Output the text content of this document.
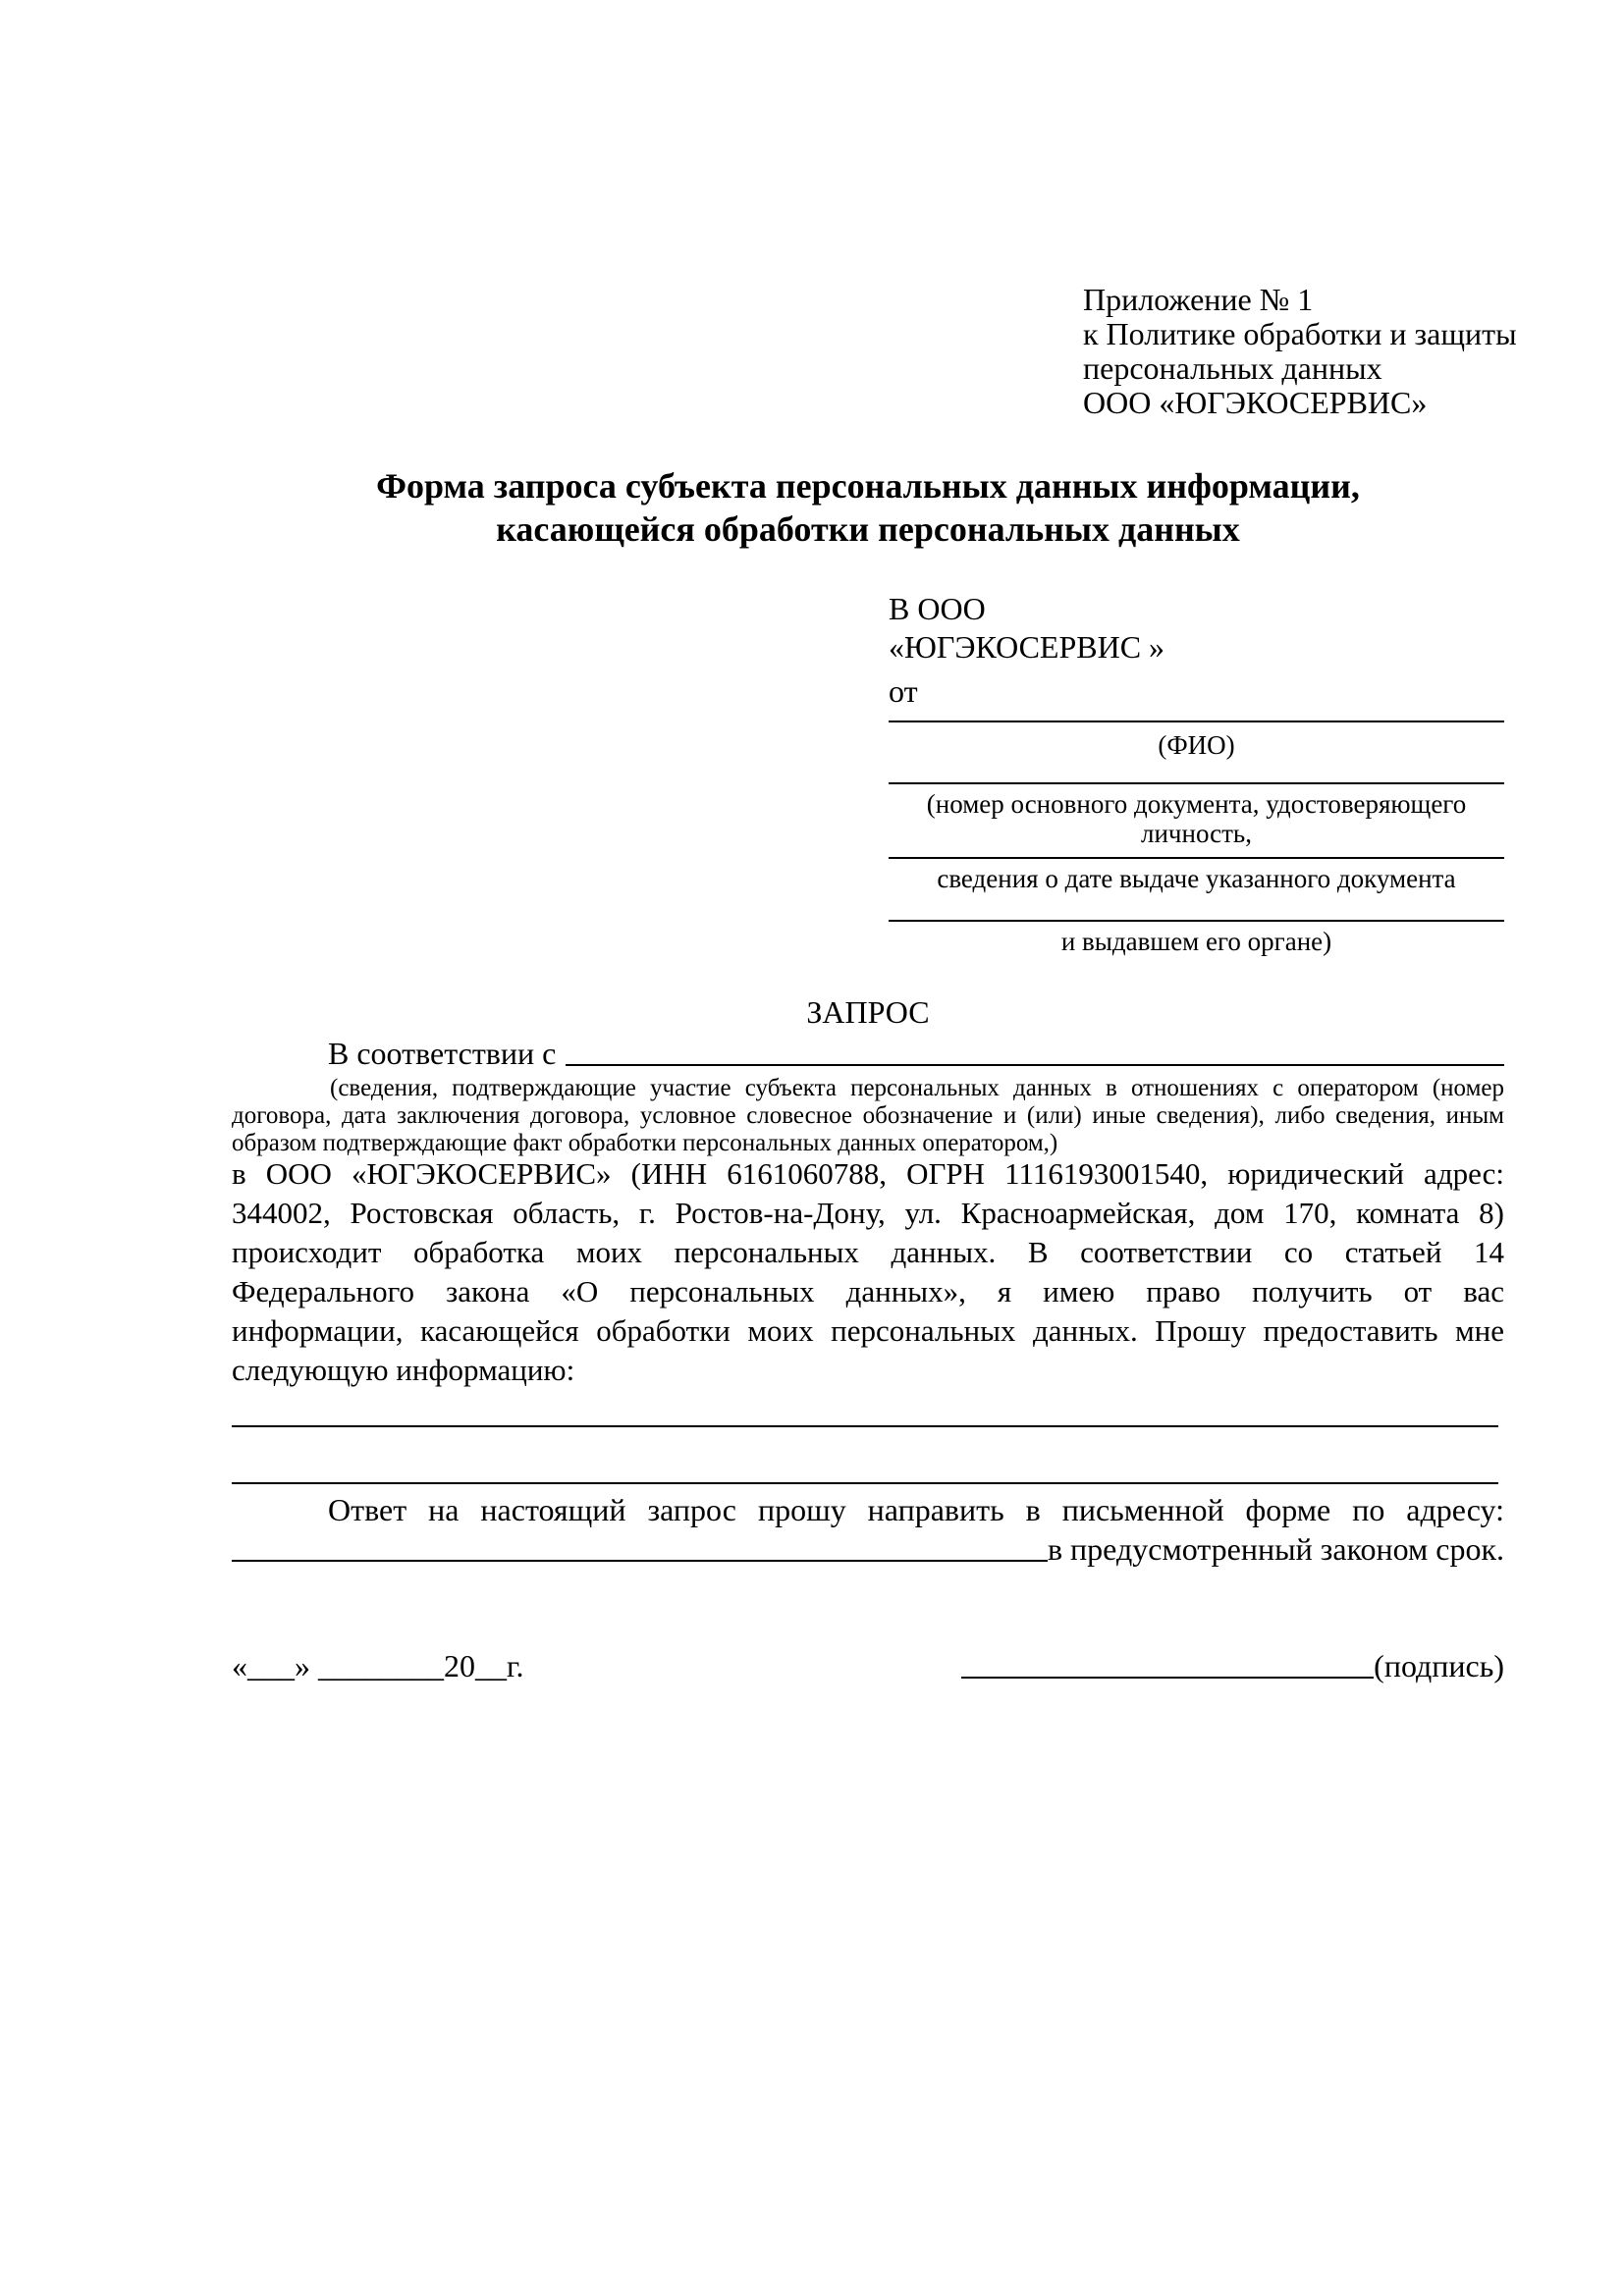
Приложение № 1
к Политике обработки и защиты
персональных данных
ООО «ЮГЭКОСЕРВИС»
Форма запроса субъекта персональных данных информации,
касающейся обработки персональных данных
В ООО
«ЮГЭКОСЕРВИС »
от
(ФИО)
(номер основного документа, удостоверяющего личность,
сведения о дате выдаче указанного документа
и выдавшем его органе)
ЗАПРОС
В соответствии с
(сведения, подтверждающие участие субъекта персональных данных в отношениях с оператором (номер договора, дата заключения договора, условное словесное обозначение и (или) иные сведения), либо сведения, иным образом подтверждающие факт обработки персональных данных оператором,)
в ООО «ЮГЭКОСЕРВИС» (ИНН 6161060788, ОГРН 1116193001540, юридический адрес:
344002, Ростовская область, г. Ростов-на-Дону, ул. Красноармейская, дом 170, комната 8)
происходит обработка моих персональных данных. В соответствии со статьей 14
Федерального закона «О персональных данных», я имею право получить от вас
информации, касающейся обработки моих персональных данных. Прошу предоставить мне
следующую информацию:
Ответ на настоящий запрос прошу направить в письменной форме по адресу:
в предусмотренный законом срок.
«___» ________20__г.	(подпись)
